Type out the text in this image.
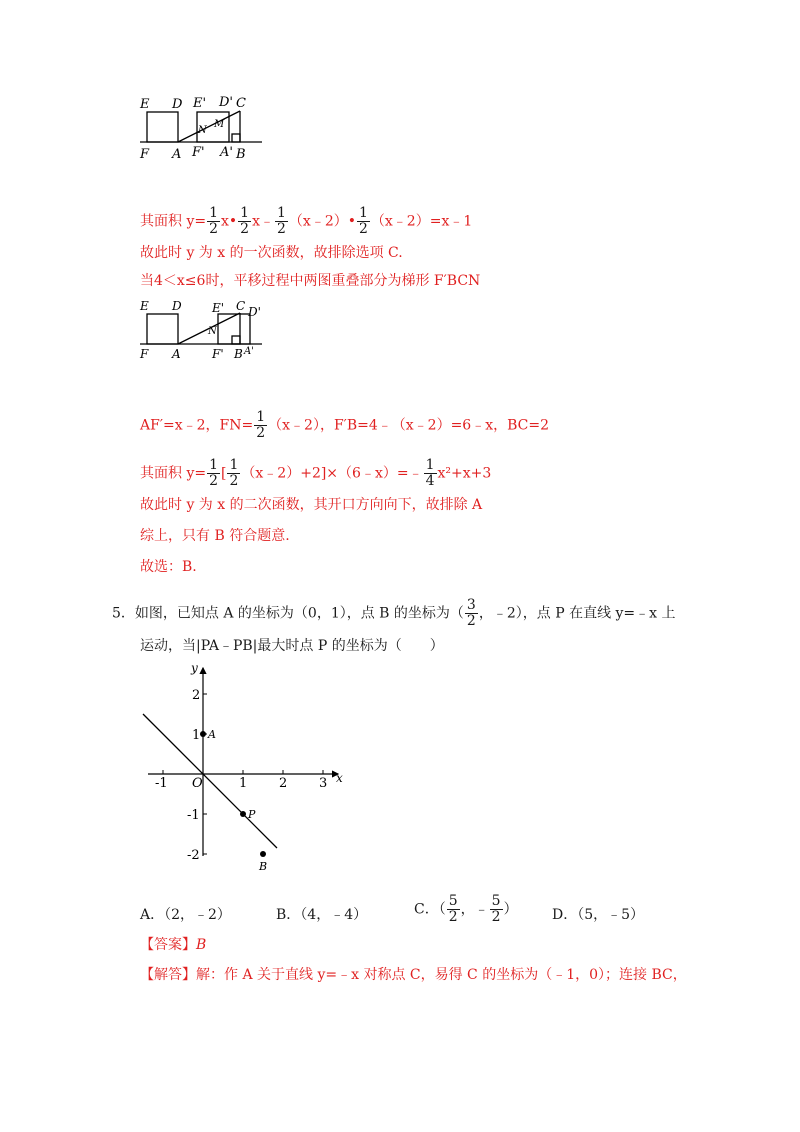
E D E' D' C
N
M
F A F' A' B
其面积 $y= \frac{1}{2}$ x• $\frac{1}{2}$ x﹣ $\frac{1}{2}$ （x﹣2）• $\frac{1}{2}$ （x﹣2）=x﹣1
故此时 y 为 x 的一次函数，故排除选项 C.
当4＜x≤6时，平移过程中两图重叠部分为梯形 F′BCN
E D	E' C D'
N
F A	F' B A'
AF′=x﹣2，$FN= \frac{1}{2}$ （x﹣2），F′B=4﹣（x﹣2）=6﹣x，BC=2
其面积 $y= \frac{1}{2}$ [ $\frac{1}{2}$ （x﹣2）+2]×（6﹣x）=﹣ $\frac{1}{4} x^2+x+3$
故此时 y 为 x 的二次函数，其开口方向向下，故排除 A
综上，只有 B 符合题意.
故选：B.
5．如图，已知点 A 的坐标为（0，1），点 B 的坐标为（ $\frac{3}{2}$ ，﹣2），点 P 在直线 y=﹣x 上
运动，当|PA﹣PB|最大时点 P 的坐标为（　　）
-1	1 2 3
2
1
-1
-2
O	x
y
A
P
B
A．（2，﹣2）	B．（4，﹣4）	C．（ $\frac{5}{2}$ ，﹣ $\frac{5}{2}$ ） D．（5，﹣5）
【答案】B
【解答】解：作 A 关于直线 y=﹣x 对称点 C，易得 C 的坐标为（﹣1，0）；连接 BC，
